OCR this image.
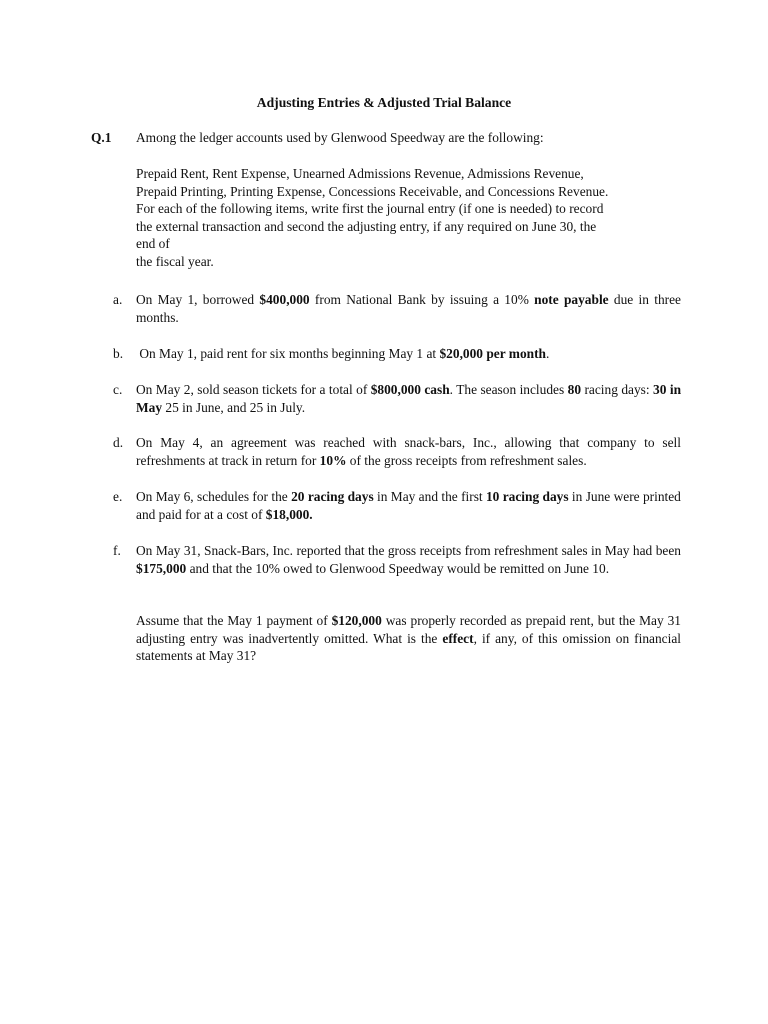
Adjusting Entries & Adjusted Trial Balance

Q.1 Among the ledger accounts used by Glenwood Speedway are the following:

Prepaid Rent, Rent Expense, Unearned Admissions Revenue, Admissions Revenue,
Prepaid Printing, Printing Expense, Concessions Receivable, and Concessions Revenue.
For each of the following items, write first the journal entry (if one is needed) to record
the external transaction and second the adjusting entry, if any required on June 30, the
end of
the fiscal year.

a. On May 1, borrowed $400,000 from National Bank by issuing a 10% note payable due in three months.

b. On May 1, paid rent for six months beginning May 1 at $20,000 per month.

c. On May 2, sold season tickets for a total of $800,000 cash. The season includes 80 racing days: 30 in May 25 in June, and 25 in July.

d. On May 4, an agreement was reached with snack-bars, Inc., allowing that company to sell refreshments at track in return for 10% of the gross receipts from refreshment sales.

e. On May 6, schedules for the 20 racing days in May and the first 10 racing days in June were printed and paid for at a cost of $18,000.

f. On May 31, Snack-Bars, Inc. reported that the gross receipts from refreshment sales in May had been $175,000 and that the 10% owed to Glenwood Speedway would be remitted on June 10.

Assume that the May 1 payment of $120,000 was properly recorded as prepaid rent, but the May 31 adjusting entry was inadvertently omitted. What is the effect, if any, of this omission on financial statements at May 31?
